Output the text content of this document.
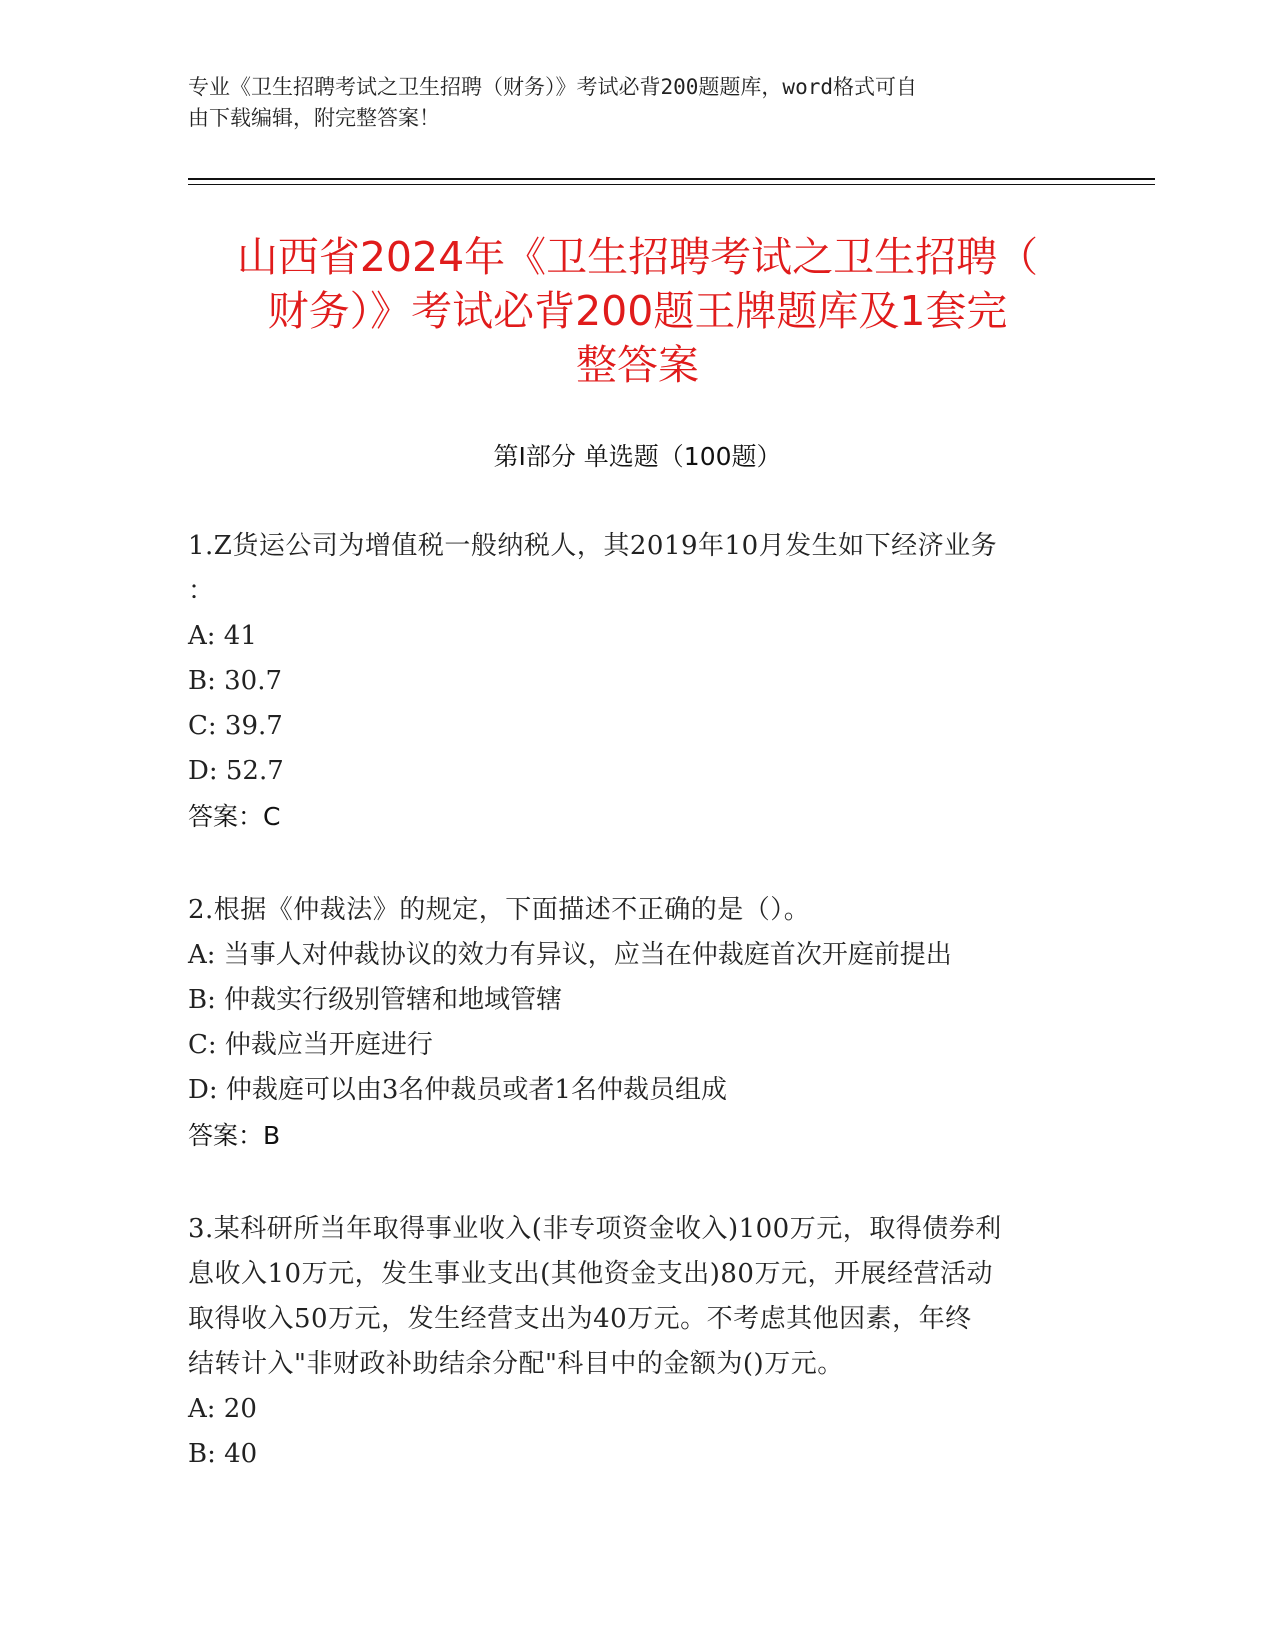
专业《卫生招聘考试之卫生招聘（财务）》考试必背200题题库，word格式可自
由下载编辑，附完整答案！
山西省2024年《卫生招聘考试之卫生招聘（
财务）》考试必背200题王牌题库及1套完
整答案
第Ⅰ部分 单选题（100题）
1.Z货运公司为增值税一般纳税人，其2019年10月发生如下经济业务
：
A: 41
B: 30.7
C: 39.7
D: 52.7
答案：C
2.根据《仲裁法》的规定，下面描述不正确的是（）。
A: 当事人对仲裁协议的效力有异议，应当在仲裁庭首次开庭前提出
B: 仲裁实行级别管辖和地域管辖
C: 仲裁应当开庭进行
D: 仲裁庭可以由3名仲裁员或者1名仲裁员组成
答案：B
3.某科研所当年取得事业收入(非专项资金收入)100万元，取得债券利
息收入10万元，发生事业支出(其他资金支出)80万元，开展经营活动
取得收入50万元，发生经营支出为40万元。不考虑其他因素，年终
结转计入"非财政补助结余分配"科目中的金额为()万元。
A: 20
B: 40
